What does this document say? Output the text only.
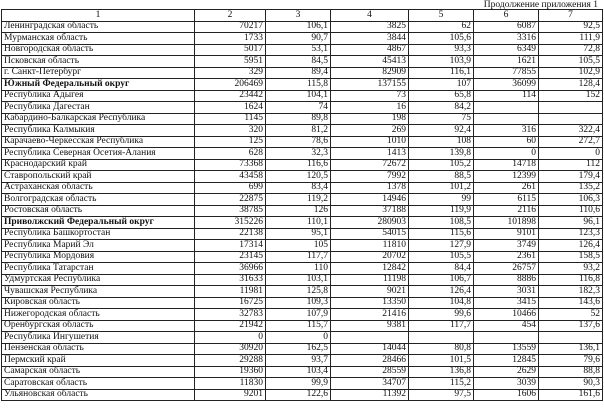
Продолжение приложения 1
1	2	3	4	5	6	7
Ленинградская область	70217	106,1	3825	62	6087	92,5
Мурманская область	1733	90,7	3844	105,6	3316	111,9
Новгородская область	5017	53,1	4867	93,3	6349	72,8
Псковская область	5951	84,5	45413	103,9	1621	105,5
г. Санкт-Петербург	329	89,4	82909	116,1	77855	102,9
Южный Федеральный округ	206469	115,8	137155	107	36099	128,4
Республика Адыгея	23442	104,1	73	65,8	114	152
Республика Дагестан	1624	74	16	84,2		
Кабардино-Балкарская Республика	1145	89,8	198	75		
Республика Калмыкия	320	81,2	269	92,4	316	322,4
Карачаево-Черкесская Республика	125	78,6	1010	108	60	272,7
Республика Северная Осетия-Алания	628	32,3	1413	139,8	0	0
Краснодарский край	73368	116,6	72672	105,2	14718	112
Ставропольский край	43458	120,5	7992	88,5	12399	179,4
Астраханская область	699	83,4	1378	101,2	261	135,2
Волгоградская область	22875	119,2	14946	99	6115	106,3
Ростовская область	38785	126	37188	119,9	2116	110,6
Приволжский Федеральный округ	315226	110,1	280903	108,5	101898	96,1
Республика Башкортостан	22138	95,1	54015	115,6	9101	123,3
Республика Марий Эл	17314	105	11810	127,9	3749	126,4
Республика Мордовия	23145	117,7	20702	105,5	2361	158,5
Республика Татарстан	36966	110	12842	84,4	26757	93,2
Удмуртская Республика	31633	103,1	11198	106,7	8886	116,8
Чувашская Республика	11981	125,8	9021	126,4	3031	182,3
Кировская область	16725	109,3	13350	104,8	3415	143,6
Нижегородская область	32783	107,9	21416	99,6	10466	52
Оренбургская область	21942	115,7	9381	117,7	454	137,6
Республика Ингушетия	0	0				
Пензенская область	30920	162,5	14044	80,8	13559	136,1
Пермский край	29288	93,7	28466	101,5	12845	79,6
Самарская область	19360	103,4	28559	136,8	2629	88,8
Саратовская область	11830	99,9	34707	115,2	3039	90,3
Ульяновская область	9201	122,6	11392	97,5	1606	161,6
